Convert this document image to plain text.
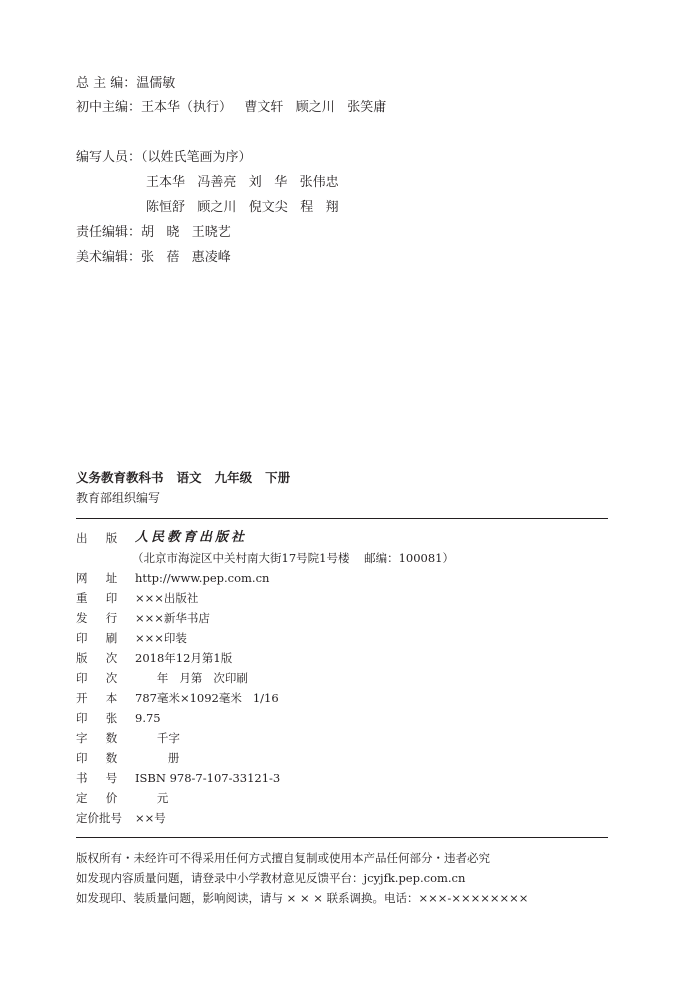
总 主 编：温儒敏
初中主编：王本华（执行）   曹文轩   顾之川   张笑庸
编写人员：（以姓氏笔画为序）
王本华   冯善亮   刘   华   张伟忠
陈恒舒   顾之川   倪文尖   程   翔
责任编辑：胡   晓   王晓艺
美术编辑：张   蓓   惠凌峰
义务教育教科书   语文   九年级   下册
教育部组织编写
出     版	人民教育出版社
（北京市海淀区中关村南大街17号院1号楼    邮编：100081）
网     址	http://www.pep.com.cn
重     印	×××出版社
发     行	×××新华书店
印     刷	×××印装
版     次	2018年12月第1版
印     次	年   月第   次印刷
开     本	787毫米×1092毫米   1/16
印     张	9.75
字     数	千字
印     数	册
书     号	ISBN 978-7-107-33121-3
定     价	元
定价批号	××号
版权所有・未经许可不得采用任何方式擅自复制或使用本产品任何部分・违者必究
如发现内容质量问题，请登录中小学教材意见反馈平台：jcyjfk.pep.com.cn
如发现印、装质量问题，影响阅读，请与 × × × 联系调换。电话：×××-××××××××
